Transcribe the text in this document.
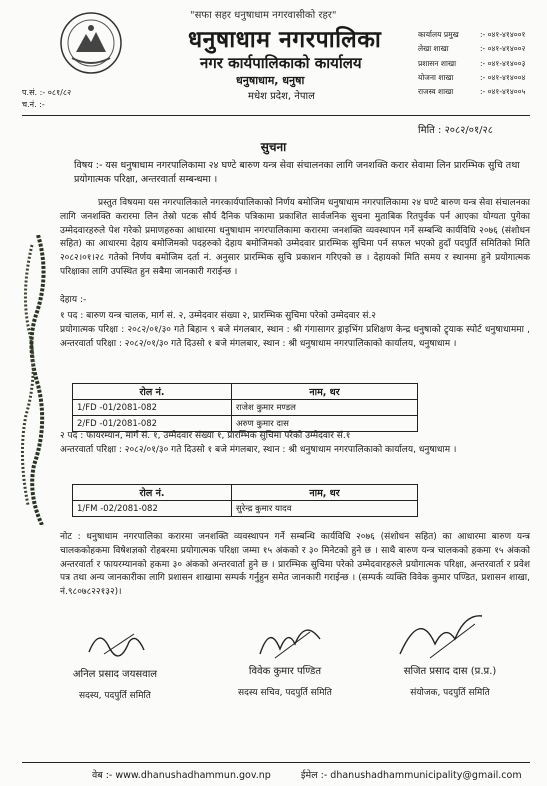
"सफा सहर धनुषाधाम नगरवासीको रहर"
धनुषाधाम नगरपालिका
नगर कार्यपालिकाको कार्यालय
धनुषाधाम, धनुषा
मधेश प्रदेश, नेपाल
कार्यालय प्रमुख	:- ०४१-४१४००१
लेखा शाखा	:- ०४१-४१४००२
प्रशासन शाखा	:- ०४१-४१४००३
योजना शाखा	:- ०४१-४१४००४
राजस्व शाखा	:- ०४१-४१४००५
प.सं. :- ०८१/८२
च.नं. :-
मिति : २०८२/०१/२८
सुचना
विषय :- यस धनुषाधाम नगरपालिकामा २४ घण्टे बारुण यन्त्र सेवा संचालनका लागि जनशक्ति करार सेवामा लिन प्रारम्भिक सुचि तथा प्रयोगात्मक परिक्षा, अन्तरवार्ता सम्बन्धमा ।
प्रस्तुत विषयमा यस नगरपालिकाले नगरकार्यपालिकाको निर्णय बमोजिम धनुषाधाम नगरपालिकामा २४ घण्टे बारुण यन्त्र सेवा संचालनका लागि जनशक्ति करारमा लिन तेस्रो पटक सौर्य दैनिक पत्रिकामा प्रकाशित सार्वजनिक सुचना मुताबिक रितपुर्वक पर्न आएका योग्यता पुगेका उम्मेदवारहरुले पेश गरेको प्रमाणहरुका आधारमा धनुषाधाम नगरपालिकामा करारमा जनशक्ति व्यवस्थापन गर्ने सम्बन्धि कार्यविधि २०७६ (संशोधन सहित) का आधारमा देहाय बमोजिमको पदहरुको देहाय बमोजिमको उम्मेदवार प्रारम्भिक सुचिमा पर्न सफल भएको हुदाँ पदपुर्ति समितिको मिति २०८२।०१।२८ गतेको निर्णय बमोजिम दर्ता नं. अनुसार प्रारम्भिक सुचि प्रकाशन गरिएको छ । देहायको मिति समय र स्थानमा हुने प्रयोगात्मक परिक्षाका लागि उपस्थित हुन सबैमा जानकारी गराईन्छ ।
देहाय :-
१ पद : बारुण यन्त्र चालक, मार्ग सं. २, उम्मेदवार संख्या २, प्रारम्भिक सुचिमा परेको उम्मेदवार सं.२
प्रयोगात्मक परिक्षा : २०८२/०१/३० गते बिहान ९ बजे मंगलबार, स्थान : श्री गंगासागर ड्राइभिंग प्रशिक्षण केन्द्र धनुषाको ट्र्याक स्पोर्ट धनुषाधाममा , अन्तरवार्ता परिक्षा : २०८२/०१/३० गते दिउसो १ बजे मंगलबार, स्थान : श्री धनुषाधाम नगरपालिकाको कार्यालय, धनुषाधाम ।
रोल नं.	नाम, थर
1/FD -01/2081-082	राजेश कुमार मण्डल
2/FD -01/2081-082	अरुण कुमार दास
२ पद : फायरम्यान, मार्ग सं. १, उम्मेदवार संख्या १, प्रारम्भिक सुचिमा परेको उम्मेदवार सं.१
अन्तरवार्ता परिक्षा : २०८२/०१/३० गते दिउसो १ बजे मंगलबार, स्थान : श्री धनुषाधाम नगरपालिकाको कार्यालय, धनुषाधाम ।
रोल नं.	नाम, थर
1/FM -02/2081-082	सुरेन्द्र कुमार यादव
नोट : धनुषाधाम नगरपालिका करारमा जनशक्ति व्यवस्थापन गर्ने सम्बन्धि कार्यविधि २०७६ (संशोधन सहित) का आधारमा बारुण यन्त्र चालककोहकमा विषेशज्ञको रोहबरमा प्रयोगात्मक परिक्षा जम्मा १५ अंकको र ३० मिनेटको हुने छ । साथै बारुण यन्त्र चालकको हकमा १५ अंकको अन्तरवार्ता र फायरम्यानको हकमा ३० अंकको अन्तरवार्ता हुने छ । प्रारम्भिक सुचिमा परेको उम्मेदवारहरुले प्रयोगात्मक परिक्षा, अन्तरवार्ता र प्रवेश पत्र तथा अन्य जानकारीका लागि प्रशासन शाखामा सम्पर्क गर्नुहुन समेत जानकारी गराईन्छ । (सम्पर्क व्यक्ति विवेक कुमार पण्डित, प्रशासन शाखा, नं.९८०७८२२१३२)।
अनिल प्रसाद जयसवाल
सदस्य, पदपुर्ति समिति
विवेक कुमार पण्डित
सदस्य सचिव, पदपुर्ति समिति
सजित प्रसाद दास (प्र.प्र.)
संयोजक, पदपुर्ति समिति
वेब :- www.dhanushadhammun.gov.np	ईमेल :- dhanushadhammunicipality@gmail.com
